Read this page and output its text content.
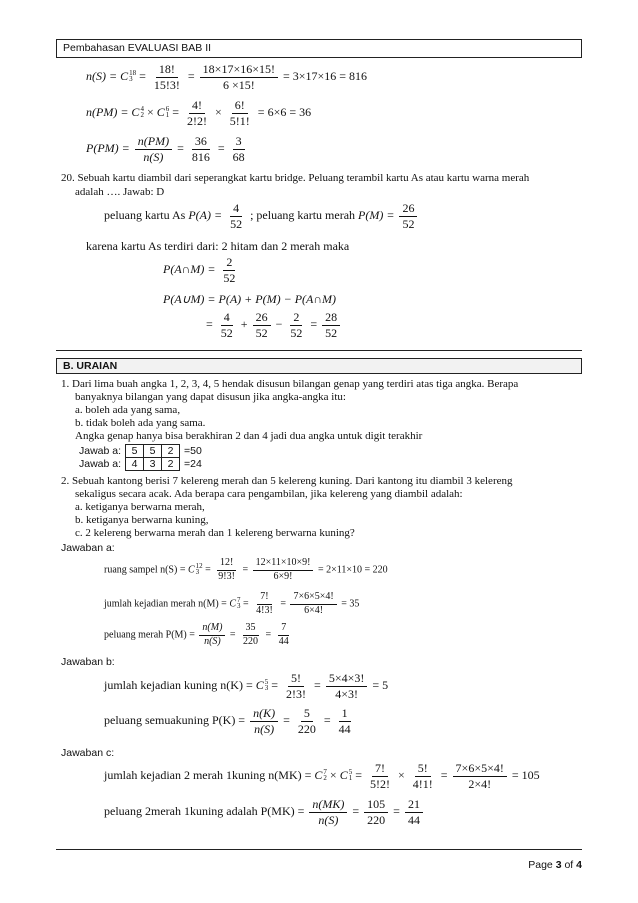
Pembahasan EVALUASI BAB II
n(S) = C 18
$3 = \frac{18!}{15!3!} = \frac{18\times 17\times 16\times 15!}{6 \times 15!} = 3\times 17\times 16 = 816$
n(PM) = C 4
2 × C 6
$1 = \frac{4!}{2!2!} \times \frac{6!}{5!1!} = 6\times 6 = 36$
$P(PM) = \frac{n(PM)}{n(S)} = \frac{36}{816} = \frac{3}{68}$
20. Sebuah kartu diambil dari seperangkat kartu bridge. Peluang terambil kartu As atau kartu warna merah
adalah …. Jawab: D
peluang kartu As $P(A) = \frac{4}{52}$ ; peluang kartu merah $P(M) = \frac{26}{52}$
karena kartu As terdiri dari: 2 hitam dan 2 merah maka
P(A∩M) = $\frac{2}{52}$
P(A∪M) = P(A) + P(M) − P(A∩M)
= $\frac{4}{52} + \frac{26}{52} - \frac{2}{52} = \frac{28}{52}$
B. URAIAN
1. Dari lima buah angka 1, 2, 3, 4, 5 hendak disusun bilangan genap yang terdiri atas tiga angka. Berapa
banyaknya bilangan yang dapat disusun jika angka-angka itu:
a. boleh ada yang sama,
b. tidak boleh ada yang sama.
Angka genap hanya bisa berakhiran 2 dan 4 jadi dua angka untuk digit terakhir
Jawab a:	5	5	2	=50
Jawab a:	4	3	2	=24
2. Sebuah kantong berisi 7 kelereng merah dan 5 kelereng kuning. Dari kantong itu diambil 3 kelereng
sekaligus secara acak. Ada berapa cara pengambilan, jika kelereng yang diambil adalah:
a. ketiganya berwarna merah,
b. ketiganya berwarna kuning,
c. 2 kelereng berwarna merah dan 1 kelereng berwarna kuning?
Jawaban a:
ruang sampel n(S) = C 12
$3 = \frac{12!}{9!3!} = \frac{12\times 11\times 10\times 9!}{6\times 9!} = 2\times 11\times 10 = 220$
jumlah kejadian merah n(M) = C 7
$3 = \frac{7!}{4!3!} = \frac{7\times 6\times 5\times 4!}{6\times 4!} = 35$
peluang merah $P(M) = \frac{n(M)}{n(S)} = \frac{35}{220} = \frac{7}{44}$
Jawaban b:
jumlah kejadian kuning n(K) = C 5
$3 = \frac{5!}{2!3!} = \frac{5\times 4\times 3!}{4\times 3!} = 5$
peluang semuakuning $P(K) = \frac{n(K)}{n(S)} = \frac{5}{220} = \frac{1}{44}$
Jawaban c:
jumlah kejadian 2 merah 1kuning n(MK) = C 7
2 × C 5
$1 = \frac{7!}{5!2!} \times \frac{5!}{4!1!} = \frac{7\times 6\times 5\times 4!}{2\times 4!} = 105$
peluang 2merah 1kuning adalah $P(MK) = \frac{n(MK)}{n(S)} = \frac{105}{220} = \frac{21}{44}$
Page 3 of 4
